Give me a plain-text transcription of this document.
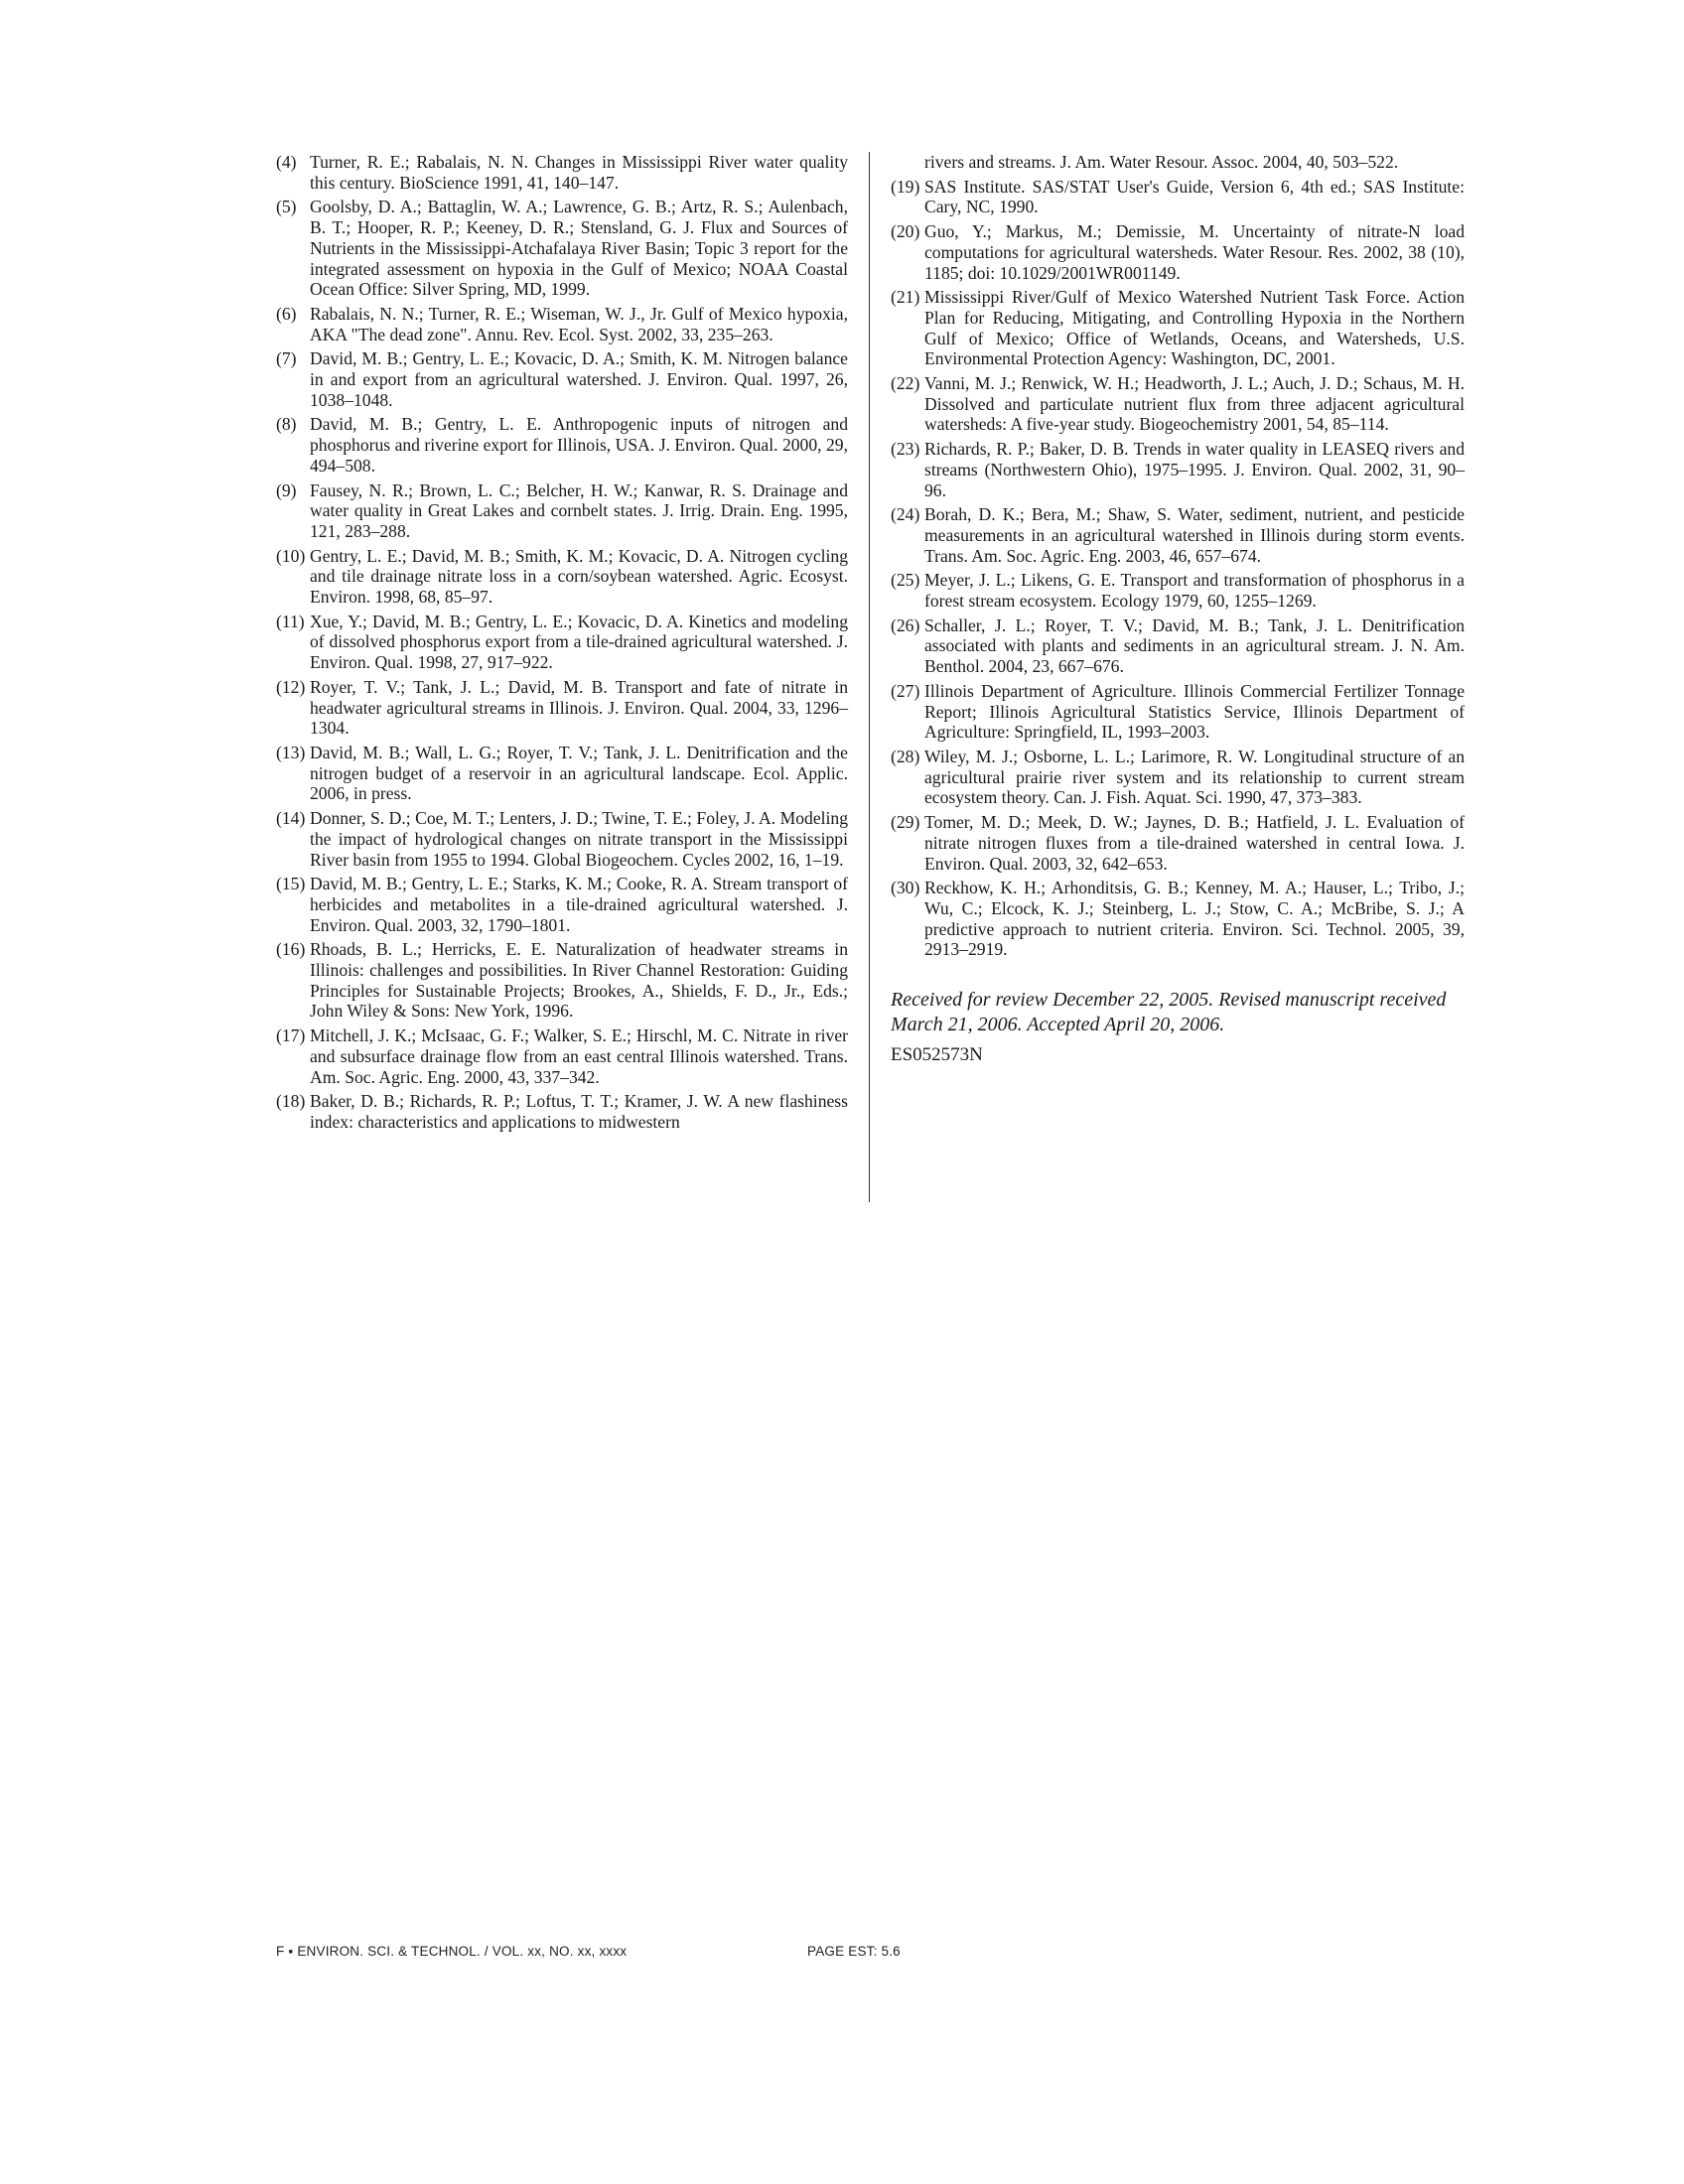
(4) Turner, R. E.; Rabalais, N. N. Changes in Mississippi River water quality this century. BioScience 1991, 41, 140–147.
(5) Goolsby, D. A.; Battaglin, W. A.; Lawrence, G. B.; Artz, R. S.; Aulenbach, B. T.; Hooper, R. P.; Keeney, D. R.; Stensland, G. J. Flux and Sources of Nutrients in the Mississippi-Atchafalaya River Basin; Topic 3 report for the integrated assessment on hypoxia in the Gulf of Mexico; NOAA Coastal Ocean Office: Silver Spring, MD, 1999.
(6) Rabalais, N. N.; Turner, R. E.; Wiseman, W. J., Jr. Gulf of Mexico hypoxia, AKA "The dead zone". Annu. Rev. Ecol. Syst. 2002, 33, 235–263.
(7) David, M. B.; Gentry, L. E.; Kovacic, D. A.; Smith, K. M. Nitrogen balance in and export from an agricultural watershed. J. Environ. Qual. 1997, 26, 1038–1048.
(8) David, M. B.; Gentry, L. E. Anthropogenic inputs of nitrogen and phosphorus and riverine export for Illinois, USA. J. Environ. Qual. 2000, 29, 494–508.
(9) Fausey, N. R.; Brown, L. C.; Belcher, H. W.; Kanwar, R. S. Drainage and water quality in Great Lakes and cornbelt states. J. Irrig. Drain. Eng. 1995, 121, 283–288.
(10) Gentry, L. E.; David, M. B.; Smith, K. M.; Kovacic, D. A. Nitrogen cycling and tile drainage nitrate loss in a corn/soybean watershed. Agric. Ecosyst. Environ. 1998, 68, 85–97.
(11) Xue, Y.; David, M. B.; Gentry, L. E.; Kovacic, D. A. Kinetics and modeling of dissolved phosphorus export from a tile-drained agricultural watershed. J. Environ. Qual. 1998, 27, 917–922.
(12) Royer, T. V.; Tank, J. L.; David, M. B. Transport and fate of nitrate in headwater agricultural streams in Illinois. J. Environ. Qual. 2004, 33, 1296–1304.
(13) David, M. B.; Wall, L. G.; Royer, T. V.; Tank, J. L. Denitrification and the nitrogen budget of a reservoir in an agricultural landscape. Ecol. Applic. 2006, in press.
(14) Donner, S. D.; Coe, M. T.; Lenters, J. D.; Twine, T. E.; Foley, J. A. Modeling the impact of hydrological changes on nitrate transport in the Mississippi River basin from 1955 to 1994. Global Biogeochem. Cycles 2002, 16, 1–19.
(15) David, M. B.; Gentry, L. E.; Starks, K. M.; Cooke, R. A. Stream transport of herbicides and metabolites in a tile-drained agricultural watershed. J. Environ. Qual. 2003, 32, 1790–1801.
(16) Rhoads, B. L.; Herricks, E. E. Naturalization of headwater streams in Illinois: challenges and possibilities. In River Channel Restoration: Guiding Principles for Sustainable Projects; Brookes, A., Shields, F. D., Jr., Eds.; John Wiley & Sons: New York, 1996.
(17) Mitchell, J. K.; McIsaac, G. F.; Walker, S. E.; Hirschl, M. C. Nitrate in river and subsurface drainage flow from an east central Illinois watershed. Trans. Am. Soc. Agric. Eng. 2000, 43, 337–342.
(18) Baker, D. B.; Richards, R. P.; Loftus, T. T.; Kramer, J. W. A new flashiness index: characteristics and applications to midwestern
rivers and streams. J. Am. Water Resour. Assoc. 2004, 40, 503–522.
(19) SAS Institute. SAS/STAT User's Guide, Version 6, 4th ed.; SAS Institute: Cary, NC, 1990.
(20) Guo, Y.; Markus, M.; Demissie, M. Uncertainty of nitrate-N load computations for agricultural watersheds. Water Resour. Res. 2002, 38 (10), 1185; doi: 10.1029/2001WR001149.
(21) Mississippi River/Gulf of Mexico Watershed Nutrient Task Force. Action Plan for Reducing, Mitigating, and Controlling Hypoxia in the Northern Gulf of Mexico; Office of Wetlands, Oceans, and Watersheds, U.S. Environmental Protection Agency: Washington, DC, 2001.
(22) Vanni, M. J.; Renwick, W. H.; Headworth, J. L.; Auch, J. D.; Schaus, M. H. Dissolved and particulate nutrient flux from three adjacent agricultural watersheds: A five-year study. Biogeochemistry 2001, 54, 85–114.
(23) Richards, R. P.; Baker, D. B. Trends in water quality in LEASEQ rivers and streams (Northwestern Ohio), 1975–1995. J. Environ. Qual. 2002, 31, 90–96.
(24) Borah, D. K.; Bera, M.; Shaw, S. Water, sediment, nutrient, and pesticide measurements in an agricultural watershed in Illinois during storm events. Trans. Am. Soc. Agric. Eng. 2003, 46, 657–674.
(25) Meyer, J. L.; Likens, G. E. Transport and transformation of phosphorus in a forest stream ecosystem. Ecology 1979, 60, 1255–1269.
(26) Schaller, J. L.; Royer, T. V.; David, M. B.; Tank, J. L. Denitrification associated with plants and sediments in an agricultural stream. J. N. Am. Benthol. 2004, 23, 667–676.
(27) Illinois Department of Agriculture. Illinois Commercial Fertilizer Tonnage Report; Illinois Agricultural Statistics Service, Illinois Department of Agriculture: Springfield, IL, 1993–2003.
(28) Wiley, M. J.; Osborne, L. L.; Larimore, R. W. Longitudinal structure of an agricultural prairie river system and its relationship to current stream ecosystem theory. Can. J. Fish. Aquat. Sci. 1990, 47, 373–383.
(29) Tomer, M. D.; Meek, D. W.; Jaynes, D. B.; Hatfield, J. L. Evaluation of nitrate nitrogen fluxes from a tile-drained watershed in central Iowa. J. Environ. Qual. 2003, 32, 642–653.
(30) Reckhow, K. H.; Arhonditsis, G. B.; Kenney, M. A.; Hauser, L.; Tribo, J.; Wu, C.; Elcock, K. J.; Steinberg, L. J.; Stow, C. A.; McBribe, S. J.; A predictive approach to nutrient criteria. Environ. Sci. Technol. 2005, 39, 2913–2919.
Received for review December 22, 2005. Revised manuscript received March 21, 2006. Accepted April 20, 2006.
ES052573N
F ▪ ENVIRON. SCI. & TECHNOL. / VOL. xx, NO. xx, xxxx	PAGE EST: 5.6
